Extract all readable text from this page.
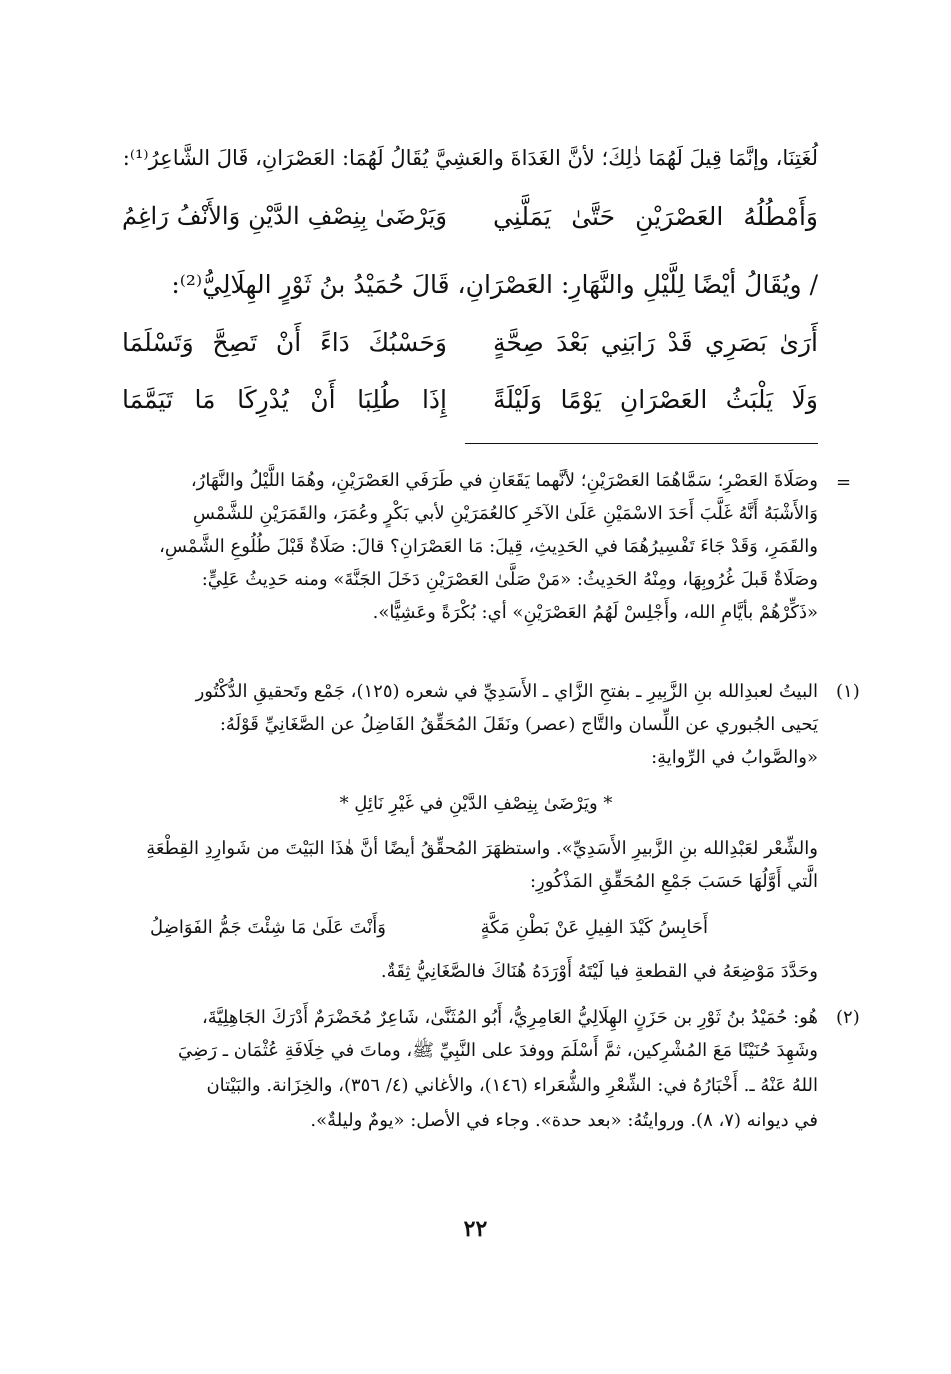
لُغَتِنَا، وإنَّمَا قِيلَ لَهُمَا ذٰلِكَ؛ لأنَّ الغَدَاةَ والعَشِيَّ يُقَالُ لَهُمَا: العَصْرَانِ، قَالَ الشَّاعِرُ⁽¹⁾:
وَأَمْطُلُهُ العَصْرَيْنِ حَتَّىٰ يَمَلَّنِي
وَيَرْضَىٰ بِنِصْفِ الدَّيْنِ وَالأَنْفُ رَاغِمُ
/ ويُقَالُ أيْضًا لِلَّيْلِ والنَّهَارِ: العَصْرَانِ، قَالَ حُمَيْدُ بنُ ثَوْرٍ الهِلَالِيُّ⁽²⁾:
أَرَىٰ بَصَرِي قَدْ رَابَنِي بَعْدَ صِحَّةٍ
وَحَسْبُكَ دَاءً أَنْ تَصِحَّ وَتَسْلَمَا
وَلَا يَلْبَثُ العَصْرَانِ يَوْمًا وَلَيْلَةً
إِذَا طُلِبَا أَنْ يُدْرِكَا مَا تَيَمَّمَا
=
وصَلَاةَ العَصْرِ؛ سَمَّاهُمَا العَصْرَيْنِ؛ لأنَّهما يَقَعَانِ في طَرَفَي العَصْرَيْنِ، وهُمَا اللَّيْلُ والنَّهَارُ،
وَالأَشْبَهُ أَنَّهُ غَلَّبَ أَحَدَ الاسْمَيْنِ عَلَىٰ الآخَرِ كالعُمَرَيْنِ لأبي بَكْرٍ وعُمَرَ، والقَمَرَيْنِ للشَّمْسِ
والقَمَرِ، وَقَدْ جَاءَ تَفْسِيرُهُمَا في الحَدِيثِ، قِيلَ: مَا العَصْرَانِ؟ قالَ: صَلَاةٌ قَبْلَ طُلُوعِ الشَّمْسِ،
وصَلَاةٌ قَبلَ غُرُوبِهَا، ومِنْهُ الحَدِيثُ: «مَنْ صَلَّىٰ العَصْرَيْنِ دَخَلَ الجَنَّةَ» ومنه حَدِيثُ عَلِيٍّ:
«ذَكِّرْهُمْ بأيَّامِ الله، وأَجْلِسْ لَهُمُ العَصْرَيْنِ» أي: بُكْرَةً وعَشِيًّا».
(١)
البيتُ لعبدِالله بنِ الزَّبِيرِ ـ بفتحِ الزَّاي ـ الأَسَدِيِّ في شعره (١٢٥)، جَمْع وتَحقيقِ الدُّكْتُور
يَحيى الجُبوري عن اللِّسان والتَّاج (عصر) ونَقَلَ المُحَقِّقُ الفَاضِلُ عن الصَّغَانِيِّ قَوْلَهُ:
«والصَّوابُ في الرِّوايةِ:
* ويَرْضَىٰ بِنِصْفِ الدَّيْنِ في غَيْرِ نَائِلِ *
والشِّعْر لعَبْدِالله بنِ الزَّبيرِ الأَسَدِيِّ». واستظهَرَ المُحقِّقُ أيضًا أنَّ هٰذَا البَيْتَ من شَوارِدِ القِطْعَةِ
الَّتي أَوَّلُهَا حَسَبَ جَمْعِ المُحَقِّقِ المَذْكُورِ:
أَحَابِسُ كَيْدَ الفِيلِ عَنْ بَطْنِ مَكَّةٍ
وَأَنْتَ عَلَىٰ مَا شِئْتَ جَمُّ الفَوَاضِلُ
وحَدَّدَ مَوْضِعَهُ في القطعةِ فيا لَيْتَهُ أَوْرَدَهُ هُنَاكَ فالصَّغَانِيُّ ثِقَةٌ.
(٢)
هُو: حُمَيْدُ بنُ ثَوْرِ بن حَزَنٍ الهِلَالِيُّ العَامِرِيُّ، أَبُو المُثَنَّىٰ، شَاعِرٌ مُخَضْرَمٌ أَدْرَكَ الجَاهِلِيَّةَ،
وشَهِدَ حُنَيْنًا مَعَ المُشْرِكين، ثمَّ أَسْلَمَ ووفدَ على النَّبِيِّ ﷺ، وماتَ في خِلَافَةِ عُثْمَان ـ رَضِيَ
اللهُ عَنْهُ ـ. أَخْبَارُهُ في: الشِّعْرِ والشُّعَراء (١٤٦)، والأغاني (٤/ ٣٥٦)، والخِزَانة. والبَيْتان
في ديوانه (٧، ٨). وروايتُهُ: «بعد حدة». وجاء في الأصل: «يومٌ وليلةٌ».
٢٢
